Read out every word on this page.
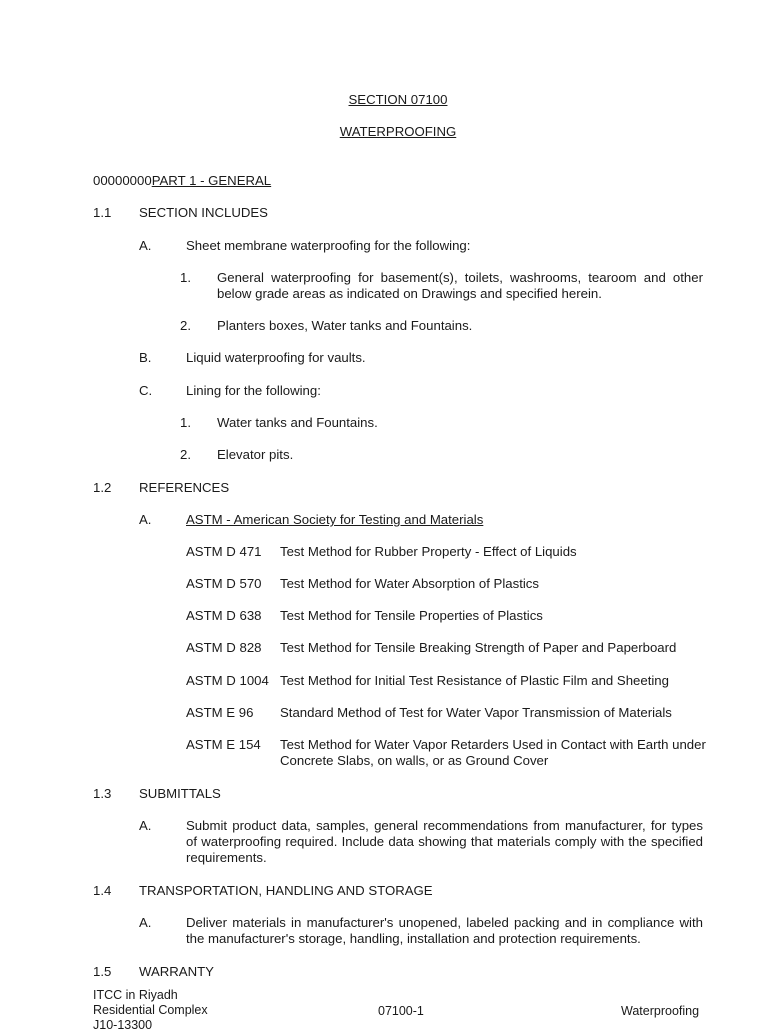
SECTION 07100
WATERPROOFING
00000000PART 1 - GENERAL
1.1 SECTION INCLUDES
A.	Sheet membrane waterproofing for the following:
1. General waterproofing for basement(s), toilets, washrooms, tearoom and other below grade areas as indicated on Drawings and specified herein.
2. Planters boxes, Water tanks and Fountains.
B.	Liquid waterproofing for vaults.
C.	Lining for the following:
1. Water tanks and Fountains.
2. Elevator pits.
1.2 REFERENCES
A.	ASTM - American Society for Testing and Materials
ASTM D 471 Test Method for Rubber Property - Effect of Liquids
ASTM D 570 Test Method for Water Absorption of Plastics
ASTM D 638 Test Method for Tensile Properties of Plastics
ASTM D 828 Test Method for Tensile Breaking Strength of Paper and Paperboard
ASTM D 1004 Test Method for Initial Test Resistance of Plastic Film and Sheeting
ASTM E 96 Standard Method of Test for Water Vapor Transmission of Materials
ASTM E 154 Test Method for Water Vapor Retarders Used in Contact with Earth under Concrete Slabs, on walls, or as Ground Cover
1.3 SUBMITTALS
A.	Submit product data, samples, general recommendations from manufacturer, for types of waterproofing required. Include data showing that materials comply with the specified requirements.
1.4 TRANSPORTATION, HANDLING AND STORAGE
A.	Deliver materials in manufacturer's unopened, labeled packing and in compliance with the manufacturer's storage, handling, installation and protection requirements.
1.5 WARRANTY
ITCC in Riyadh
Residential Complex
J10-13300
07100-1	Waterproofing
